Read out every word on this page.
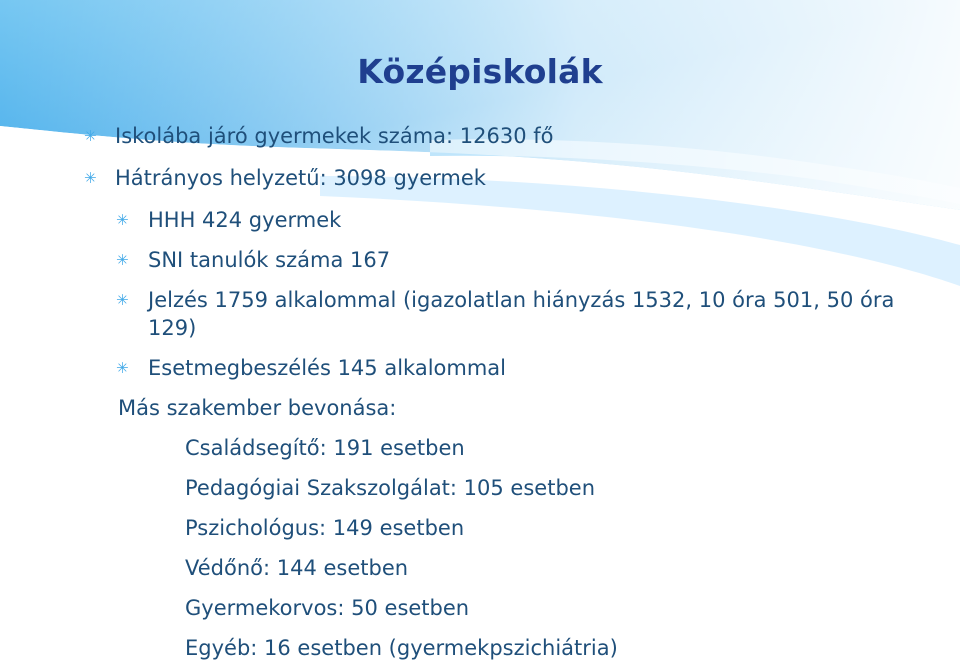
Középiskolák
✳ Iskolába járó gyermekek száma: 12630 fő
✳ Hátrányos helyzetű: 3098 gyermek
✳ HHH 424 gyermek
✳ SNI tanulók száma 167
✳ Jelzés 1759 alkalommal (igazolatlan hiányzás 1532, 10 óra 501, 50 óra 129)
✳ Esetmegbeszélés 145 alkalommal
Más szakember bevonása:
Családsegítő: 191 esetben
Pedagógiai Szakszolgálat: 105 esetben
Pszichológus: 149 esetben
Védőnő: 144 esetben
Gyermekorvos: 50 esetben
Egyéb: 16 esetben (gyermekpszichiátria)
